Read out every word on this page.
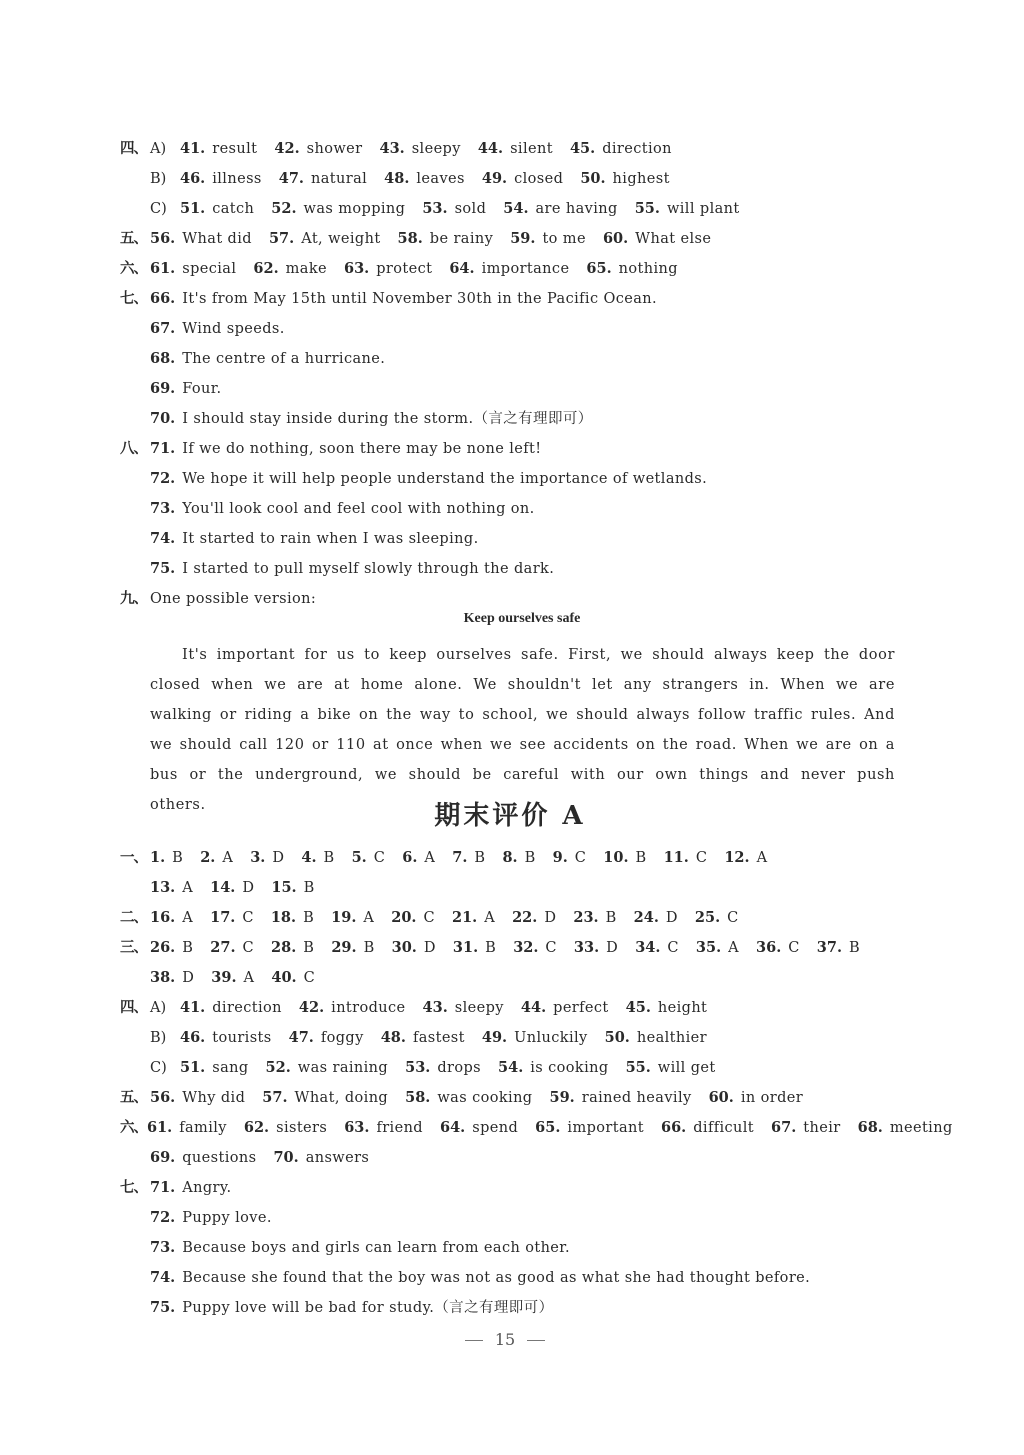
四、 A) 41. result 42. shower 43. sleepy 44. silent 45. direction
B) 46. illness 47. natural 48. leaves 49. closed 50. highest
C) 51. catch 52. was mopping 53. sold 54. are having 55. will plant
五、 56. What did 57. At, weight 58. be rainy 59. to me 60. What else
六、 61. special 62. make 63. protect 64. importance 65. nothing
七、 66. It's from May 15th until November 30th in the Pacific Ocean.
67. Wind speeds.
68. The centre of a hurricane.
69. Four.
70. I should stay inside during the storm.（言之有理即可）
八、 71. If we do nothing, soon there may be none left!
72. We hope it will help people understand the importance of wetlands.
73. You'll look cool and feel cool with nothing on.
74. It started to rain when I was sleeping.
75. I started to pull myself slowly through the dark.
九、 One possible version:
Keep ourselves safe

It's important for us to keep ourselves safe. First, we should always keep the door closed when we are at home alone. We shouldn't let any strangers in. When we are walking or riding a bike on the way to school, we should always follow traffic rules. And we should call 120 or 110 at once when we see accidents on the road. When we are on a bus or the underground, we should be careful with our own things and never push others.	期末评价 A
一、 1. B 2. A 3. D 4. B 5. C 6. A 7. B 8. B 9. C 10. B 11. C 12. A
13. A 14. D 15. B
二、 16. A 17. C 18. B 19. A 20. C 21. A 22. D 23. B 24. D 25. C
三、 26. B 27. C 28. B 29. B 30. D 31. B 32. C 33. D 34. C 35. A 36. C 37. B
38. D 39. A 40. C
四、 A) 41. direction 42. introduce 43. sleepy 44. perfect 45. height
B) 46. tourists 47. foggy 48. fastest 49. Unluckily 50. healthier
C) 51. sang 52. was raining 53. drops 54. is cooking 55. will get
五、 56. Why did 57. What, doing 58. was cooking 59. rained heavily 60. in order
六、 61. family 62. sisters 63. friend 64. spend 65. important 66. difficult 67. their 68. meeting
69. questions 70. answers
七、 71. Angry.
72. Puppy love.
73. Because boys and girls can learn from each other.
74. Because she found that the boy was not as good as what she had thought before.
75. Puppy love will be bad for study.（言之有理即可）
15
